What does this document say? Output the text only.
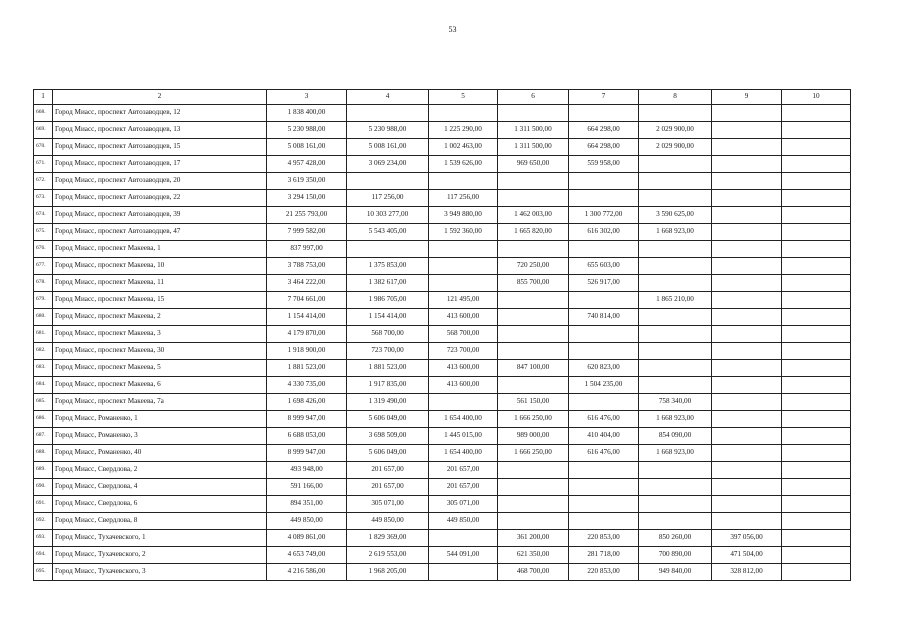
53
1	2	3	4	5	6	7	8	9	10
668.	Город Миасс, проспект Автозаводцев, 12	1 838 400,00							
669.	Город Миасс, проспект Автозаводцев, 13	5 230 988,00	5 230 988,00	1 225 290,00	1 311 500,00	664 298,00	2 029 900,00		
670.	Город Миасс, проспект Автозаводцев, 15	5 008 161,00	5 008 161,00	1 002 463,00	1 311 500,00	664 298,00	2 029 900,00		
671.	Город Миасс, проспект Автозаводцев, 17	4 957 428,00	3 069 234,00	1 539 626,00	969 650,00	559 958,00			
672.	Город Миасс, проспект Автозаводцев, 20	3 619 350,00							
673.	Город Миасс, проспект Автозаводцев, 22	3 294 150,00	117 256,00	117 256,00					
674.	Город Миасс, проспект Автозаводцев, 39	21 255 793,00	10 303 277,00	3 949 880,00	1 462 003,00	1 300 772,00	3 590 625,00		
675.	Город Миасс, проспект Автозаводцев, 47	7 999 582,00	5 543 405,00	1 592 360,00	1 665 820,00	616 302,00	1 668 923,00		
676.	Город Миасс, проспект Макеева, 1	837 997,00							
677.	Город Миасс, проспект Макеева, 10	3 788 753,00	1 375 853,00		720 250,00	655 603,00			
678.	Город Миасс, проспект Макеева, 11	3 464 222,00	1 382 617,00		855 700,00	526 917,00			
679.	Город Миасс, проспект Макеева, 15	7 704 661,00	1 986 705,00	121 495,00			1 865 210,00		
680.	Город Миасс, проспект Макеева, 2	1 154 414,00	1 154 414,00	413 600,00		740 814,00			
681.	Город Миасс, проспект Макеева, 3	4 179 870,00	568 700,00	568 700,00					
682.	Город Миасс, проспект Макеева, 30	1 918 900,00	723 700,00	723 700,00					
683.	Город Миасс, проспект Макеева, 5	1 881 523,00	1 881 523,00	413 600,00	847 100,00	620 823,00			
684.	Город Миасс, проспект Макеева, 6	4 330 735,00	1 917 835,00	413 600,00		1 504 235,00			
685.	Город Миасс, проспект Макеева, 7а	1 698 426,00	1 319 490,00		561 150,00		758 340,00		
686.	Город Миасс, Романенко, 1	8 999 947,00	5 606 049,00	1 654 400,00	1 666 250,00	616 476,00	1 668 923,00		
687.	Город Миасс, Романенко, 3	6 688 053,00	3 698 509,00	1 445 015,00	989 000,00	410 404,00	854 090,00		
688.	Город Миасс, Романенко, 40	8 999 947,00	5 606 049,00	1 654 400,00	1 666 250,00	616 476,00	1 668 923,00		
689.	Город Миасс, Свердлова, 2	493 948,00	201 657,00	201 657,00					
690.	Город Миасс, Свердлова, 4	591 166,00	201 657,00	201 657,00					
691.	Город Миасс, Свердлова, 6	894 351,00	305 071,00	305 071,00					
692.	Город Миасс, Свердлова, 8	449 850,00	449 850,00	449 850,00					
693.	Город Миасс, Тухачевского, 1	4 089 861,00	1 829 369,00		361 200,00	220 853,00	850 260,00	397 056,00	
694.	Город Миасс, Тухачевского, 2	4 653 749,00	2 619 553,00	544 091,00	621 350,00	281 718,00	700 890,00	471 504,00	
695.	Город Миасс, Тухачевского, 3	4 216 586,00	1 968 205,00		468 700,00	220 853,00	949 840,00	328 812,00	
